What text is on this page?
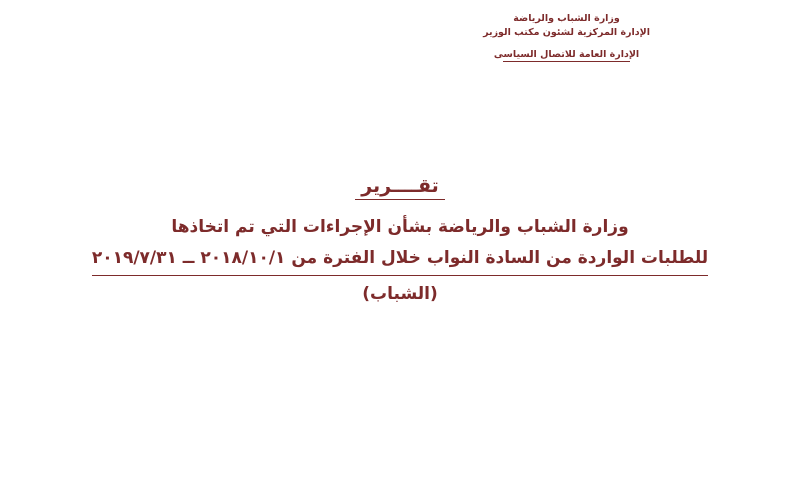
وزارة الشباب والرياضة
الإدارة المركزية لشئون مكتب الوزير
الإدارة العامة للاتصال السياسى
تقــــرير
وزارة الشباب والرياضة بشأن الإجراءات التي تم اتخاذها
للطلبات الواردة من السادة النواب خلال الفترة من ٢٠١٨/١٠/١ ــ ٢٠١٩/٧/٣١
(الشباب)
